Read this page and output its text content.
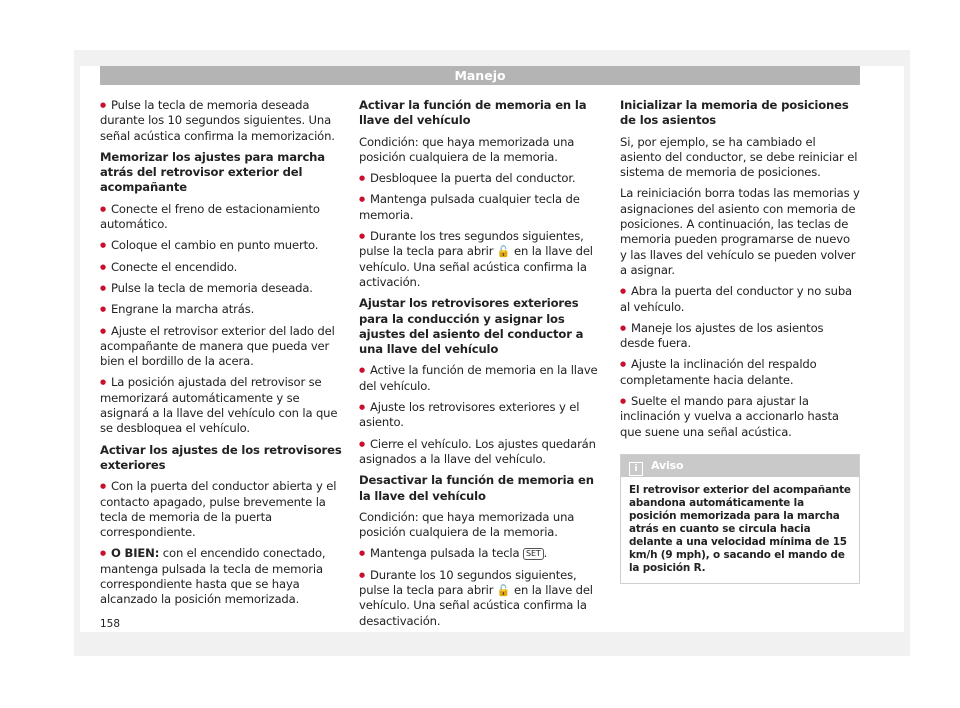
Manejo

● Pulse la tecla de memoria deseada durante los 10 segundos siguientes. Una señal acústica confirma la memorización.

Memorizar los ajustes para marcha atrás del retrovisor exterior del acompañante

● Conecte el freno de estacionamiento automático.

● Coloque el cambio en punto muerto.

● Conecte el encendido.

● Pulse la tecla de memoria deseada.

● Engrane la marcha atrás.

● Ajuste el retrovisor exterior del lado del acompañante de manera que pueda ver bien el bordillo de la acera.

● La posición ajustada del retrovisor se memorizará automáticamente y se asignará a la llave del vehículo con la que se desbloquea el vehículo.

Activar los ajustes de los retrovisores exteriores

● Con la puerta del conductor abierta y el contacto apagado, pulse brevemente la tecla de memoria de la puerta correspondiente.

● O BIEN: con el encendido conectado, mantenga pulsada la tecla de memoria correspondiente hasta que se haya alcanzado la posición memorizada.

Activar la función de memoria en la llave del vehículo

Condición: que haya memorizada una posición cualquiera de la memoria.

● Desbloquee la puerta del conductor.

● Mantenga pulsada cualquier tecla de memoria.

● Durante los tres segundos siguientes, pulse la tecla para abrir 🔓 en la llave del vehículo. Una señal acústica confirma la activación.

Ajustar los retrovisores exteriores para la conducción y asignar los ajustes del asiento del conductor a una llave del vehículo

● Active la función de memoria en la llave del vehículo.

● Ajuste los retrovisores exteriores y el asiento.

● Cierre el vehículo. Los ajustes quedarán asignados a la llave del vehículo.

Desactivar la función de memoria en la llave del vehículo

Condición: que haya memorizada una posición cualquiera de la memoria.

● Mantenga pulsada la tecla SET .

● Durante los 10 segundos siguientes, pulse la tecla para abrir 🔓 en la llave del vehículo. Una señal acústica confirma la desactivación.

Inicializar la memoria de posiciones de los asientos

Si, por ejemplo, se ha cambiado el asiento del conductor, se debe reiniciar el sistema de memoria de posiciones.

La reiniciación borra todas las memorias y asignaciones del asiento con memoria de posiciones. A continuación, las teclas de memoria pueden programarse de nuevo y las llaves del vehículo se pueden volver a asignar.

● Abra la puerta del conductor y no suba al vehículo.

● Maneje los ajustes de los asientos desde fuera.

● Ajuste la inclinación del respaldo completamente hacia delante.

● Suelte el mando para ajustar la inclinación y vuelva a accionarlo hasta que suene una señal acústica.

i Aviso
El retrovisor exterior del acompañante abandona automáticamente la posición memorizada para la marcha atrás en cuanto se circula hacia delante a una velocidad mínima de 15 km/h (9 mph), o sacando el mando de la posición R.
158
